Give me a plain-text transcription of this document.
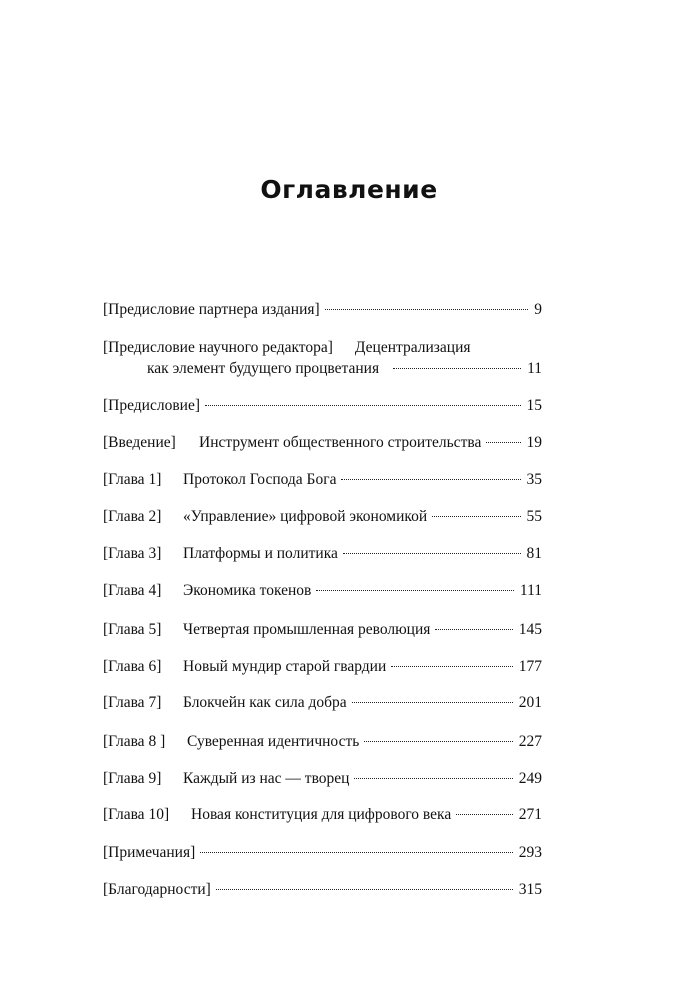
Оглавление
[Предисловие партнера издания]	9
[Предисловие научного редактора] Децентрализация
как элемент будущего процветания	11
[Предисловие]	15
[Введение]	Инструмент общественного строительства	19
[Глава 1]	Протокол Господа Бога	35
[Глава 2]	«Управление» цифровой экономикой	55
[Глава 3]	Платформы и политика	81
[Глава 4]	Экономика токенов	111
[Глава 5]	Четвертая промышленная революция	145
[Глава 6]	Новый мундир старой гвардии	177
[Глава 7]	Блокчейн как сила добра	201
[Глава 8 ]	Суверенная идентичность	227
[Глава 9]	Каждый из нас — творец	249
[Глава 10]	Новая конституция для цифрового века	271
[Примечания]	293
[Благодарности]	315
